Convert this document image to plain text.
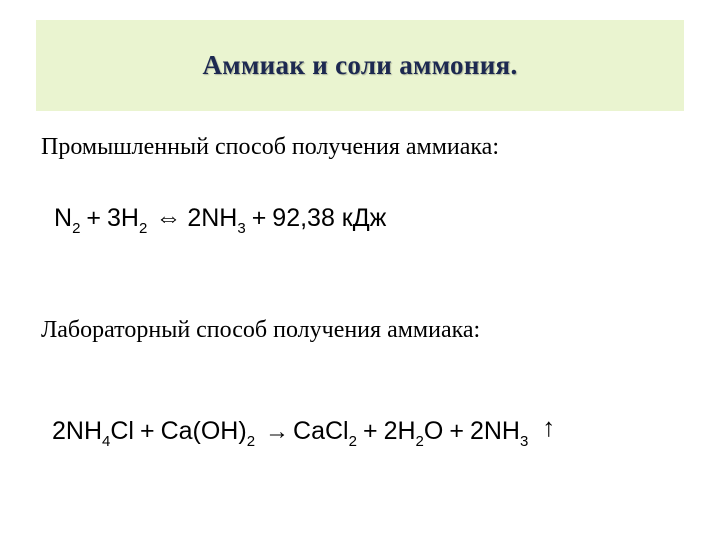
Аммиак и соли аммония.
Промышленный способ получения аммиака:
$N_2 + 3H_2$ ⇔ $2NH_3 + 92,38$ кДж
Лабораторный способ получения аммиака:
$2NH_4Cl + Ca(OH)_2$ → CaCl$_2$ + $2H_2O + 2NH_3$ ↑
